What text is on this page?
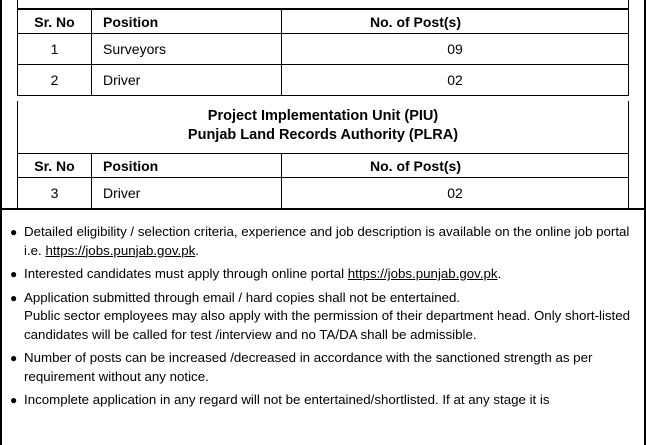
Sr. No	Position	No. of Post(s)
1	Surveyors	09
2	Driver	02
Project Implementation Unit (PIU)
Punjab Land Records Authority (PLRA)
Sr. No	Position	No. of Post(s)
3	Driver	02
● Detailed eligibility / selection criteria, experience and job description is available on the online job portal i.e. https://jobs.punjab.gov.pk.
● Interested candidates must apply through online portal https://jobs.punjab.gov.pk.
● Application submitted through email / hard copies shall not be entertained.
Public sector employees may also apply with the permission of their department head. Only short-listed candidates will be called for test /interview and no TA/DA shall be admissible.
● Number of posts can be increased /decreased in accordance with the sanctioned strength as per requirement without any notice.
● Incomplete application in any regard will not be entertained/shortlisted. If at any stage it is
